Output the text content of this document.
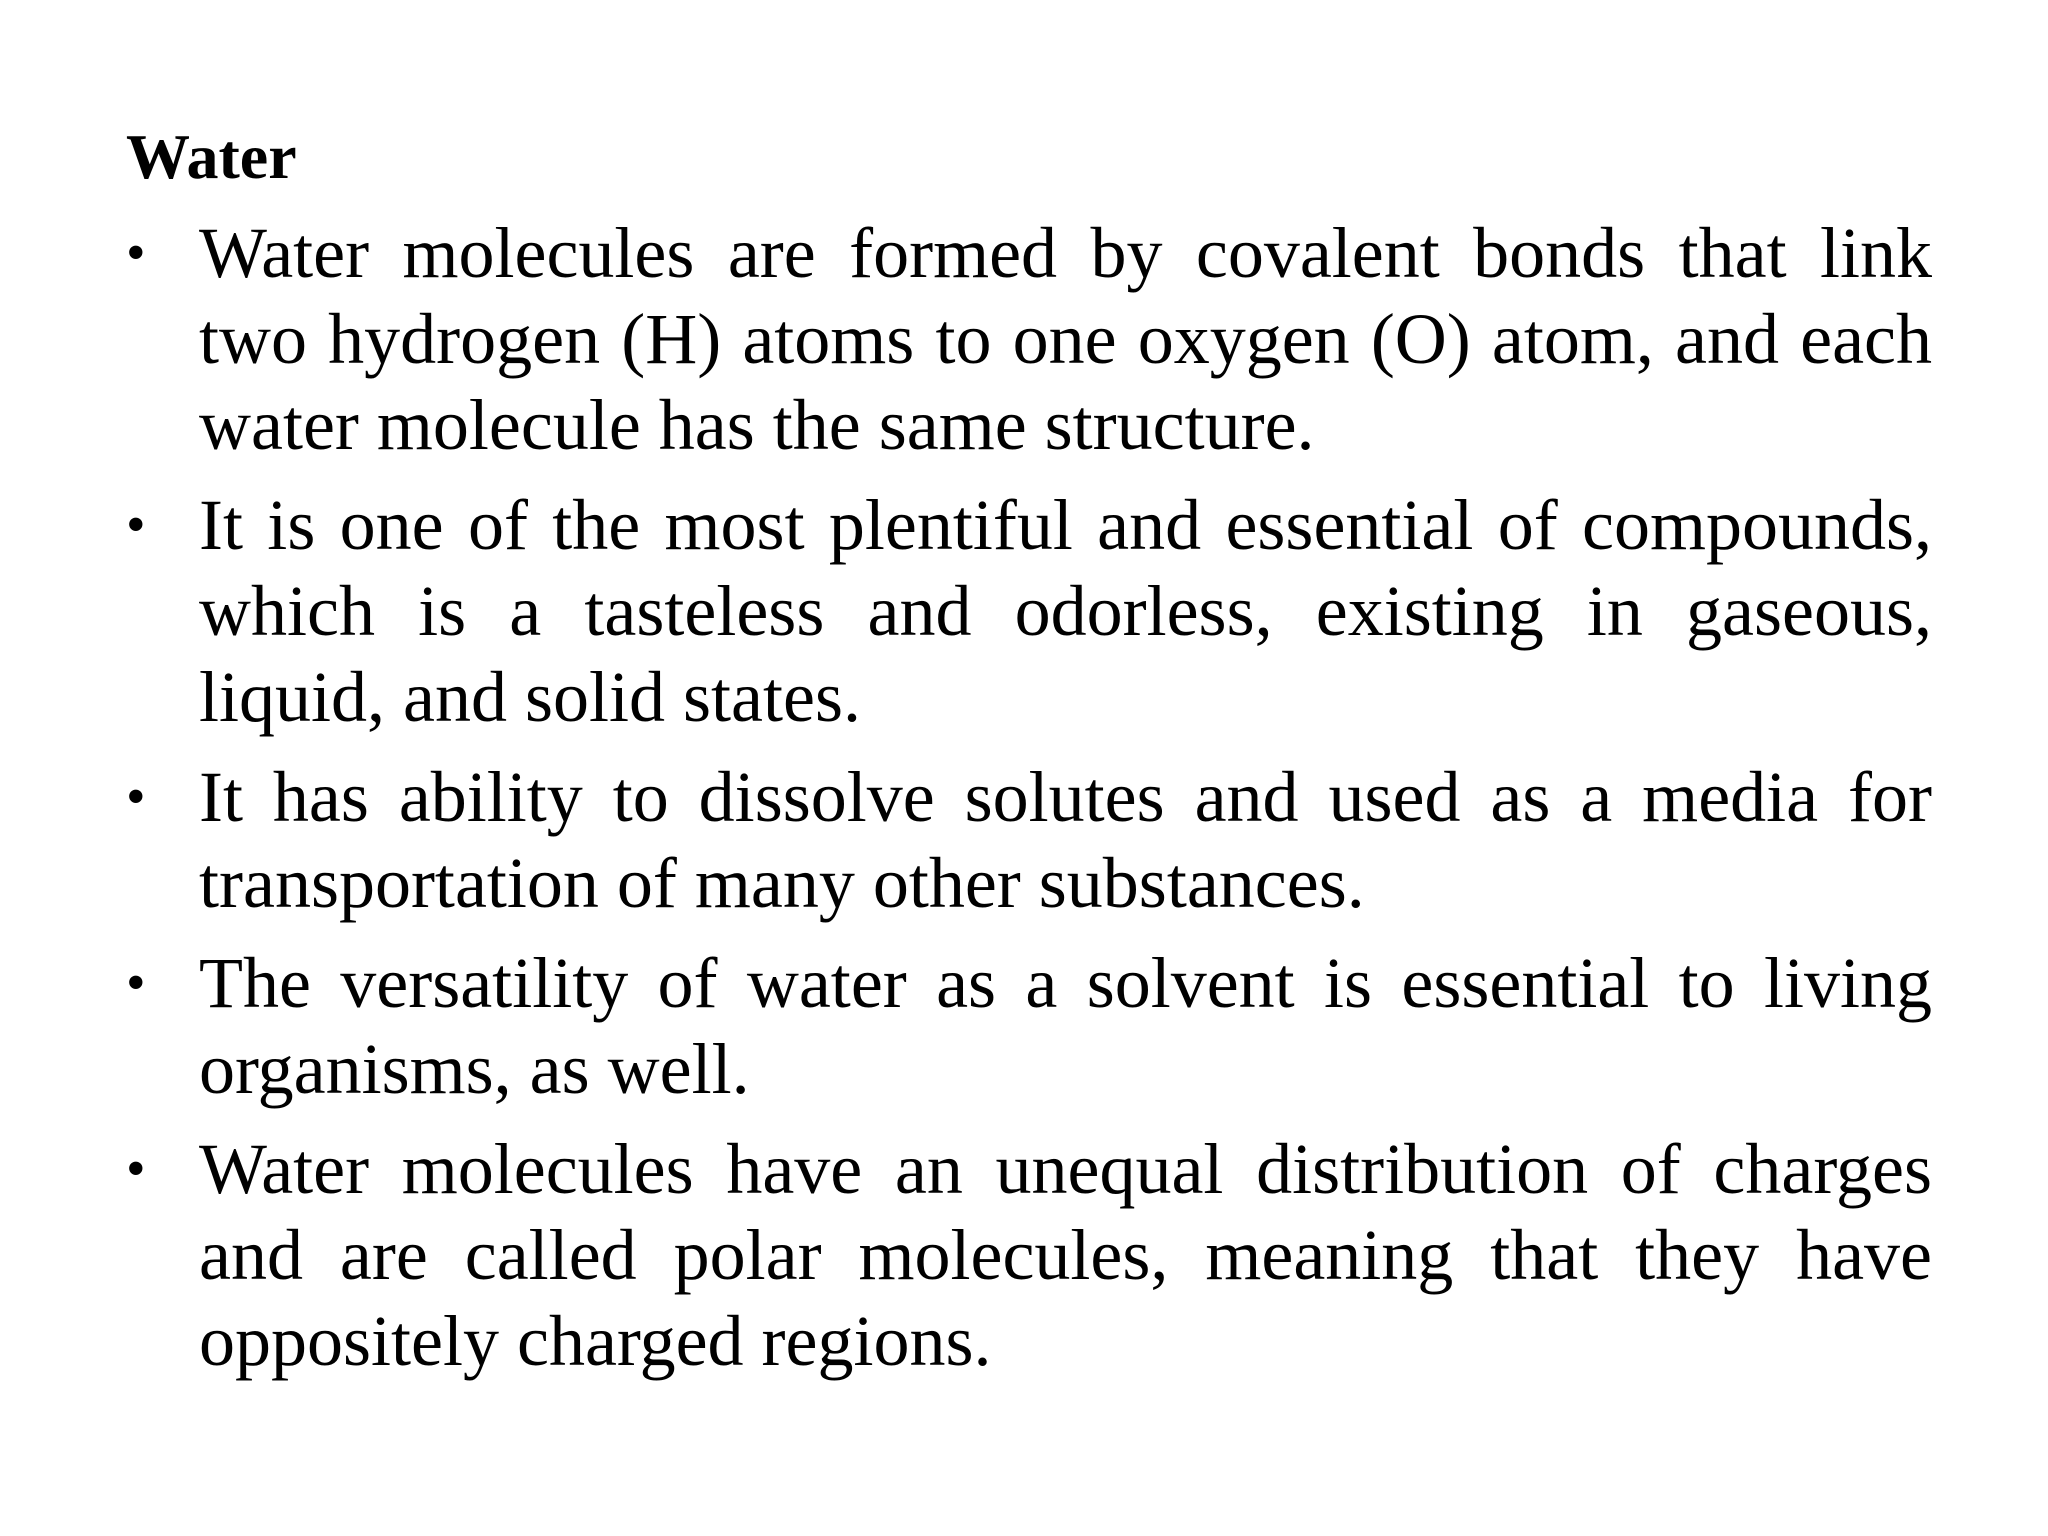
Water
• Water molecules are formed by covalent bonds that link two hydrogen (H) atoms to one oxygen (O) atom, and each water molecule has the same structure.
• It is one of the most plentiful and essential of compounds, which is a tasteless and odorless, existing in gaseous, liquid, and solid states.
• It has ability to dissolve solutes and used as a media for transportation of many other substances.
• The versatility of water as a solvent is essential to living organisms, as well.
• Water molecules have an unequal distribution of charges and are called polar molecules, meaning that they have oppositely charged regions.
